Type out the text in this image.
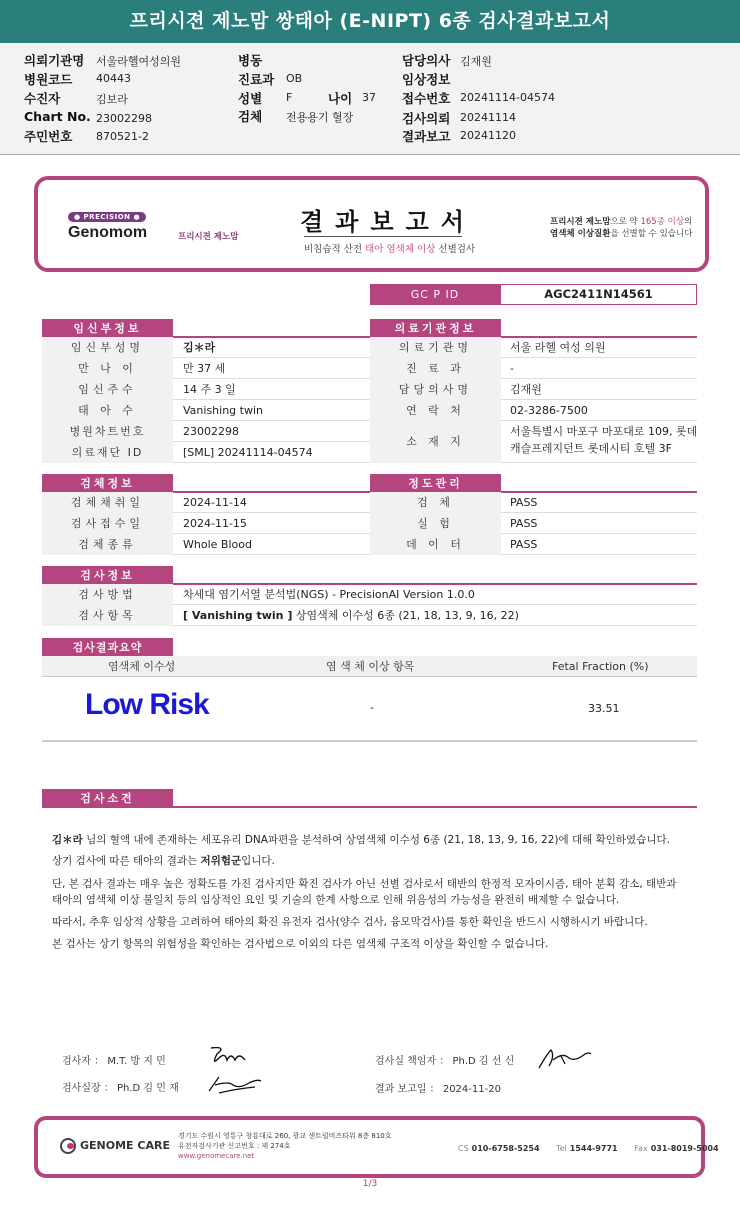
프리시젼 제노맘 쌍태아 (E-NIPT) 6종 검사결과보고서
의뢰기관명 서울라헬여성의원
병원코드 40443
수진자	김보라
Chart No. 23002298
주민번호 870521-2
병동
진료과 OB
성별 F	나이 37
검체 전용용기 혈장
담당의사 김재원
임상정보
접수번호 20241114-04574
검사의뢰 20241114
결과보고 20241120
● PRECISION ●
Genomom	프리시젼 제노맘
결과보고서
비침습적 산전 태아 염색체 이상 선별검사
프리시젼 제노맘으로 약 165종 이상의
염색체 이상질환을 선별할 수 있습니다
GC P ID	AGC2411N14561
임신부정보	의료기관정보
임신부성명	김＊라
만 나 이	만 37 세
임신주수	14 주 3 일
태 아 수	Vanishing twin
병원차트번호	23002298
의료재단 ID	[SML] 20241114-04574
의료기관명	서울 라헬 여성 의원
진 료 과	-
담당의사명	김재원
연 락 처	02-3286-7500
소 재 지
서울특별시 마포구 마포대로 109, 롯데
캐슬프레지던트 롯데시티 호텔 3F
검체정보	정도관리
검체채취일	2024-11-14
검사접수일	2024-11-15
검체종류	Whole Blood
검 체	PASS
실 험	PASS
데 이 터	PASS
검사정보
검사방법	차세대 염기서열 분석법(NGS) - PrecisionAI Version 1.0.0
검사항목	[ Vanishing twin ] 상염색체 이수성 6종 (21, 18, 13, 9, 16, 22)
검사결과요약
염색체 이수성	염 색 체 이상 항목	Fetal Fraction (%)
Low Risk	-	33.51
검사소견
김＊라 님의 혈액 내에 존재하는 세포유리 DNA파편을 분석하여 상염색체 이수성 6종 (21, 18, 13, 9, 16, 22)에 대해 확인하였습니다.
상기 검사에 따른 태아의 결과는 저위험군입니다.
단, 본 검사 결과는 매우 높은 정확도를 가진 검사지만 확진 검사가 아닌 선별 검사로서 태반의 한정적 모자이시즘, 태아 분획 감소, 태반과
태아의 염색체 이상 불일치 등의 임상적인 요인 및 기술의 한계 사항으로 인해 위음성의 가능성을 완전히 배제할 수 없습니다.
따라서, 추후 임상적 상황을 고려하여 태아의 확진 유전자 검사(양수 검사, 융모막검사)를 통한 확인을 반드시 시행하시기 바랍니다.
본 검사는 상기 항목의 위험성을 확인하는 검사법으로 이외의 다른 염색체 구조적 이상을 확인할 수 없습니다.
검사자 ： M.T. 방 지 민
검사실장 ： Ph.D 김 민 재
검사실 책임자 ： Ph.D 김 선 신
결과 보고일 ： 2024-11-20
GENOME CARE
경기도 수원시 영통구 창룡대로 260, 광교 센트럴비즈타워 8층 810호
유전자검사기관 신고번호 : 제 274호
www.genomecare.net
CS 010-6758-5254 Tel 1544-9771 Fax 031-8019-5004
1/3
